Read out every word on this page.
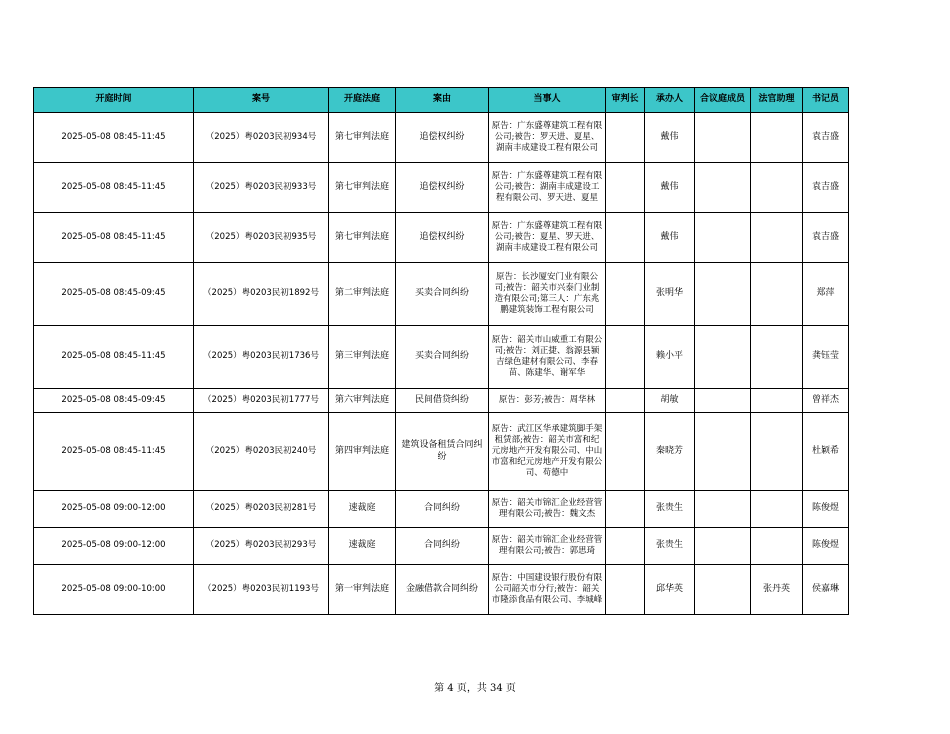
开庭时间	案号	开庭法庭	案由	当事人	审判长	承办人	合议庭成员	法官助理	书记员
2025-05-08 08:45-11:45	（2025）粤0203民初934号	第七审判法庭	追偿权纠纷	原告：广东盛尊建筑工程有限公司;被告：罗天进、夏星、湖南丰成建设工程有限公司		戴伟			袁吉盛
2025-05-08 08:45-11:45	（2025）粤0203民初933号	第七审判法庭	追偿权纠纷	原告：广东盛尊建筑工程有限公司;被告：湖南丰成建设工程有限公司、罗天进、夏星		戴伟			袁吉盛
2025-05-08 08:45-11:45	（2025）粤0203民初935号	第七审判法庭	追偿权纠纷	原告：广东盛尊建筑工程有限公司;被告：夏星、罗天进、湖南丰成建设工程有限公司		戴伟			袁吉盛
2025-05-08 08:45-09:45	（2025）粤0203民初1892号	第二审判法庭	买卖合同纠纷	原告：长沙厦安门业有限公司;被告：韶关市兴泰门业制造有限公司;第三人：广东兆鹏建筑装饰工程有限公司		张明华			郑萍
2025-05-08 08:45-11:45	（2025）粤0203民初1736号	第三审判法庭	买卖合同纠纷	原告：韶关市山威重工有限公司;被告：刘正捷、翁源县颍吉绿色建材有限公司、李春苗、陈建华、谢军华		赖小平			龚钰莹
2025-05-08 08:45-09:45	（2025）粤0203民初1777号	第六审判法庭	民间借贷纠纷	原告：彭芳;被告：周华林		胡敏			曾祥杰
2025-05-08 08:45-11:45	（2025）粤0203民初240号	第四审判法庭	建筑设备租赁合同纠纷	原告：武江区华承建筑脚手架租赁部;被告：韶关市富和纪元房地产开发有限公司、中山市富和纪元房地产开发有限公司、苟德中		秦晓芳			杜颖希
2025-05-08 09:00-12:00	（2025）粤0203民初281号	速裁庭	合同纠纷	原告：韶关市锦汇企业经营管理有限公司;被告：魏文杰		张贵生			陈俊煜
2025-05-08 09:00-12:00	（2025）粤0203民初293号	速裁庭	合同纠纷	原告：韶关市锦汇企业经营管理有限公司;被告：郭思琦		张贵生			陈俊煜
2025-05-08 09:00-10:00	（2025）粤0203民初1193号	第一审判法庭	金融借款合同纠纷	原告：中国建设银行股份有限公司韶关市分行;被告：韶关市隆添食品有限公司、李城峰		邱华英		张丹英	侯嘉琳
第 4 页，共 34 页
